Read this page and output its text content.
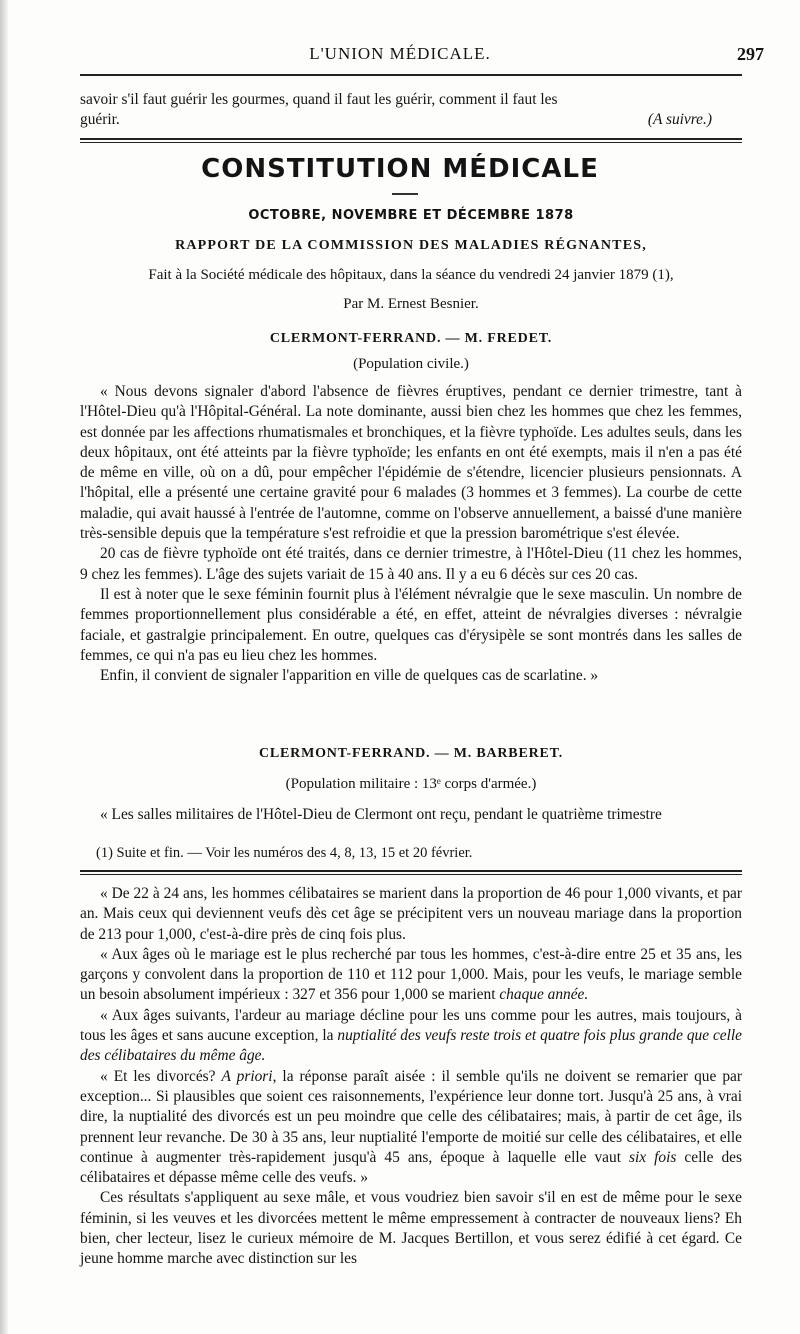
L'UNION MÉDICALE.	297

savoir s'il faut guérir les gourmes, quand il faut les guérir, comment il faut les

guérir.	(A suivre.)
CONSTITUTION MÉDICALE
OCTOBRE, NOVEMBRE ET DÉCEMBRE 1878
RAPPORT DE LA COMMISSION DES MALADIES RÉGNANTES,
Fait à la Société médicale des hôpitaux, dans la séance du vendredi 24 janvier 1879 (1),
Par M. Ernest Besnier.
CLERMONT-FERRAND. — M. FREDET.
(Population civile.)

« Nous devons signaler d'abord l'absence de fièvres éruptives, pendant ce dernier trimestre, tant à l'Hôtel-Dieu qu'à l'Hôpital-Général. La note dominante, aussi bien chez les hommes que chez les femmes, est donnée par les affections rhumatismales et bronchiques, et la fièvre typhoïde. Les adultes seuls, dans les deux hôpitaux, ont été atteints par la fièvre typhoïde; les enfants en ont été exempts, mais il n'en a pas été de même en ville, où on a dû, pour empêcher l'épidémie de s'étendre, licencier plusieurs pensionnats. A l'hôpital, elle a présenté une certaine gravité pour 6 malades (3 hommes et 3 femmes). La courbe de cette maladie, qui avait haussé à l'entrée de l'automne, comme on l'observe annuellement, a baissé d'une manière très-sensible depuis que la température s'est refroidie et que la pression barométrique s'est élevée.

20 cas de fièvre typhoïde ont été traités, dans ce dernier trimestre, à l'Hôtel-Dieu (11 chez les hommes, 9 chez les femmes). L'âge des sujets variait de 15 à 40 ans. Il y a eu 6 décès sur ces 20 cas.

Il est à noter que le sexe féminin fournit plus à l'élément névralgie que le sexe masculin. Un nombre de femmes proportionnellement plus considérable a été, en effet, atteint de névralgies diverses : névralgie faciale, et gastralgie principalement. En outre, quelques cas d'érysipèle se sont montrés dans les salles de femmes, ce qui n'a pas eu lieu chez les hommes.

Enfin, il convient de signaler l'apparition en ville de quelques cas de scarlatine. »

CLERMONT-FERRAND. — M. BARBERET.
(Population militaire : 13ᵉ corps d'armée.)

« Les salles militaires de l'Hôtel-Dieu de Clermont ont reçu, pendant le quatrième trimestre

(1) Suite et fin. — Voir les numéros des 4, 8, 13, 15 et 20 février.

« De 22 à 24 ans, les hommes célibataires se marient dans la proportion de 46 pour 1,000 vivants, et par an. Mais ceux qui deviennent veufs dès cet âge se précipitent vers un nouveau mariage dans la proportion de 213 pour 1,000, c'est-à-dire près de cinq fois plus.

« Aux âges où le mariage est le plus recherché par tous les hommes, c'est-à-dire entre 25 et 35 ans, les garçons y convolent dans la proportion de 110 et 112 pour 1,000. Mais, pour les veufs, le mariage semble un besoin absolument impérieux : 327 et 356 pour 1,000 se marient chaque année.

« Aux âges suivants, l'ardeur au mariage décline pour les uns comme pour les autres, mais toujours, à tous les âges et sans aucune exception, la nuptialité des veufs reste trois et quatre fois plus grande que celle des célibataires du même âge.

« Et les divorcés? A priori, la réponse paraît aisée : il semble qu'ils ne doivent se remarier que par exception... Si plausibles que soient ces raisonnements, l'expérience leur donne tort. Jusqu'à 25 ans, à vrai dire, la nuptialité des divorcés est un peu moindre que celle des célibataires; mais, à partir de cet âge, ils prennent leur revanche. De 30 à 35 ans, leur nuptialité l'emporte de moitié sur celle des célibataires, et elle continue à augmenter très-rapidement jusqu'à 45 ans, époque à laquelle elle vaut six fois celle des célibataires et dépasse même celle des veufs. »

Ces résultats s'appliquent au sexe mâle, et vous voudriez bien savoir s'il en est de même pour le sexe féminin, si les veuves et les divorcées mettent le même empressement à contracter de nouveaux liens? Eh bien, cher lecteur, lisez le curieux mémoire de M. Jacques Bertillon, et vous serez édifié à cet égard. Ce jeune homme marche avec distinction sur les
